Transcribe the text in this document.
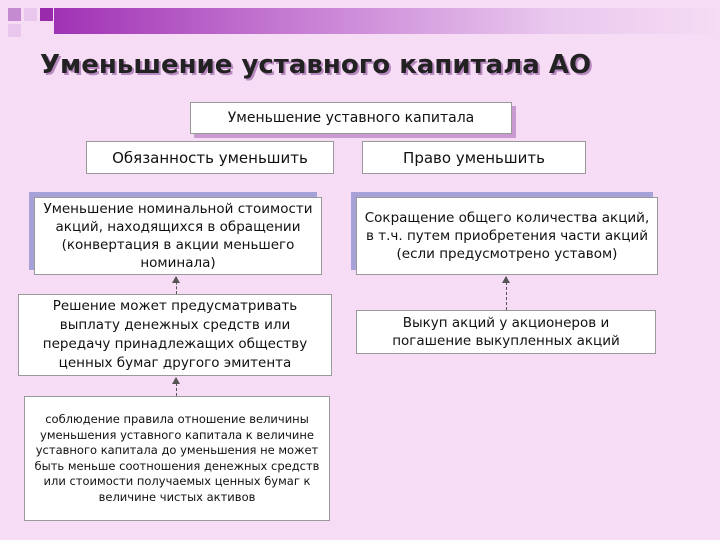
Уменьшение уставного капитала АО
Уменьшение уставного капитала
Обязанность уменьшить	Право уменьшить
Уменьшение номинальной стоимости акций, находящихся в обращении (конвертация в акции меньшего номинала)
Решение может предусматривать выплату денежных средств или передачу принадлежащих обществу ценных бумаг другого эмитента
соблюдение правила отношение величины уменьшения уставного капитала к величине уставного капитала до уменьшения не может быть меньше соотношения денежных средств или стоимости получаемых ценных бумаг к величине чистых активов
Сокращение общего количества акций, в т.ч. путем приобретения части акций (если предусмотрено уставом)
Выкуп акций у акционеров и погашение выкупленных акций
